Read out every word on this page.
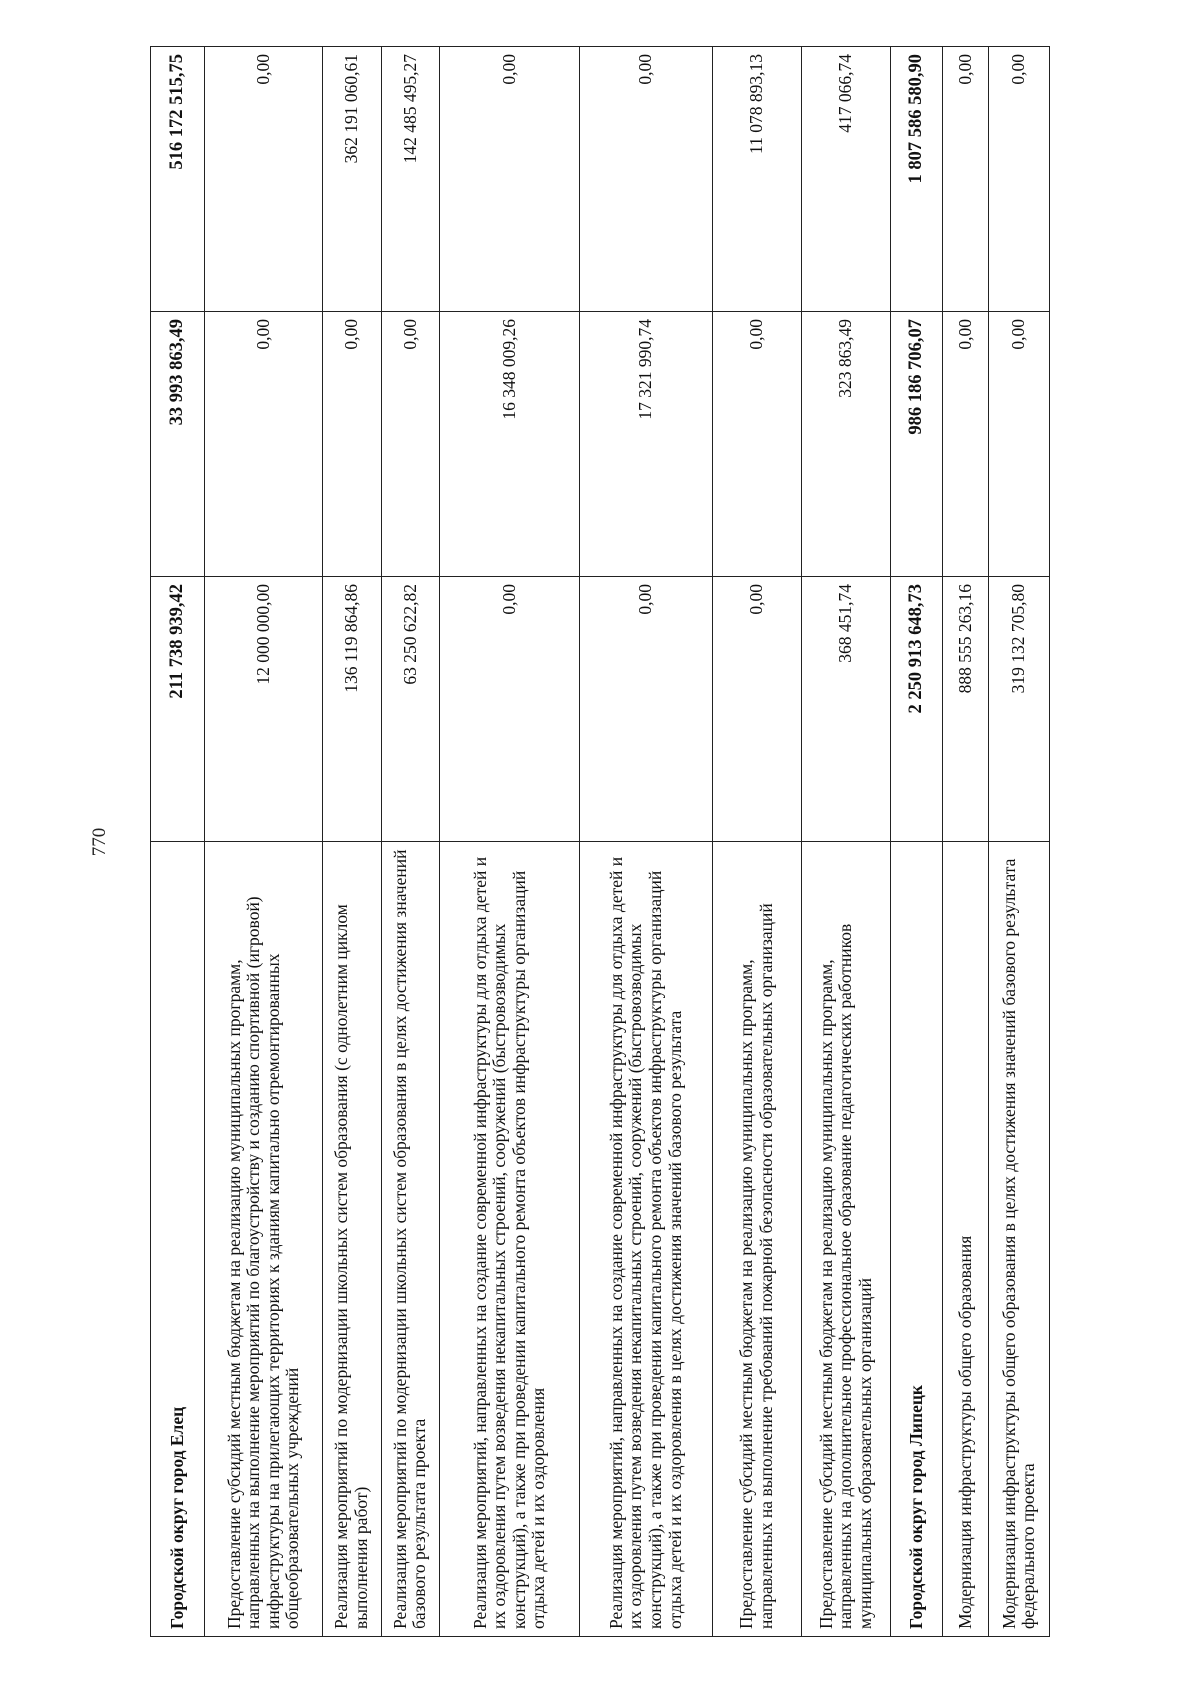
770
Городской округ город Елец	211 738 939,42	33 993 863,49	516 172 515,75
Предоставление субсидий местным бюджетам на реализацию муниципальных программ, направленных на выполнение мероприятий по благоустройству и созданию спортивной (игровой) инфраструктуры на прилегающих территориях к зданиям капитально отремонтированных общеобразовательных учреждений	12 000 000,00	0,00	0,00
Реализация мероприятий по модернизации школьных систем образования (с однолетним циклом выполнения работ)	136 119 864,86	0,00	362 191 060,61
Реализация мероприятий по модернизации школьных систем образования в целях достижения значений базового результата проекта	63 250 622,82	0,00	142 485 495,27
Реализация мероприятий, направленных на создание современной инфраструктуры для отдыха детей и их оздоровления путем возведения некапитальных строений, сооружений (быстровозводимых конструкций), а также при проведении капитального ремонта объектов инфраструктуры организаций отдыха детей и их оздоровления	0,00	16 348 009,26	0,00
Реализация мероприятий, направленных на создание современной инфраструктуры для отдыха детей и их оздоровления путем возведения некапитальных строений, сооружений (быстровозводимых конструкций), а также при проведении капитального ремонта объектов инфраструктуры организаций отдыха детей и их оздоровления в целях достижения значений базового результата	0,00	17 321 990,74	0,00
Предоставление субсидий местным бюджетам на реализацию муниципальных программ, направленных на выполнение требований пожарной безопасности образовательных организаций	0,00	0,00	11 078 893,13
Предоставление субсидий местным бюджетам на реализацию муниципальных программ, направленных на дополнительное профессиональное образование педагогических работников муниципальных образовательных организаций	368 451,74	323 863,49	417 066,74
Городской округ город Липецк	2 250 913 648,73	986 186 706,07	1 807 586 580,90
Модернизация инфраструктуры общего образования	888 555 263,16	0,00	0,00
Модернизация инфраструктуры общего образования в целях достижения значений базового результата федерального проекта	319 132 705,80	0,00	0,00
